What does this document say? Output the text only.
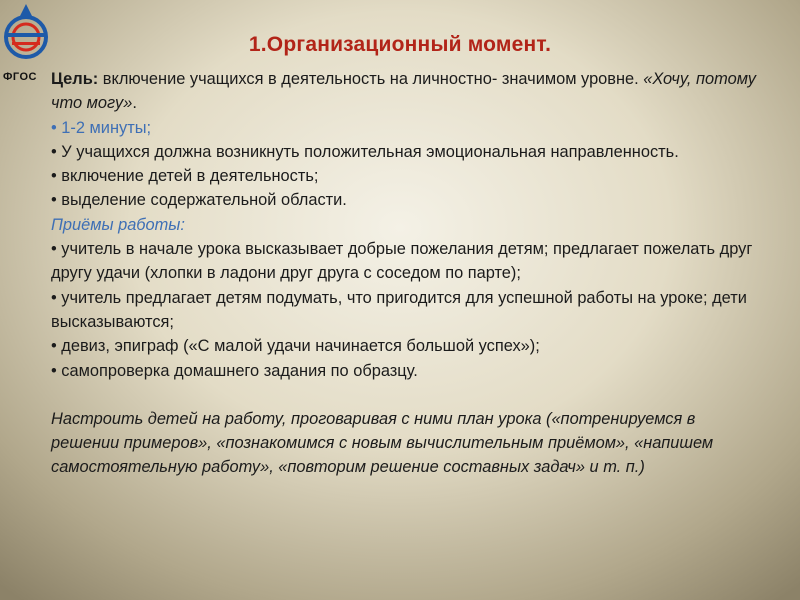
ФГОС
1.Организационный момент.

Цель: включение учащихся в деятельность на личностно- значимом уровне. «Хочу, потому что могу».

• 1-2 минуты;

• У учащихся должна возникнуть положительная эмоциональная направленность.

• включение детей в деятельность;

• выделение содержательной области.

Приёмы работы:

• учитель в начале урока высказывает добрые пожелания детям; предлагает пожелать друг другу удачи (хлопки в ладони друг друга с соседом по парте);

• учитель предлагает детям подумать, что пригодится для успешной работы на уроке; дети высказываются;

• девиз, эпиграф («С малой удачи начинается большой успех»);

• самопроверка домашнего задания по образцу.

Настроить детей на работу, проговаривая с ними план урока («потренируемся в решении примеров», «познакомимся с новым вычислительным приёмом», «напишем самостоятельную работу», «повторим решение составных задач» и т. п.)
